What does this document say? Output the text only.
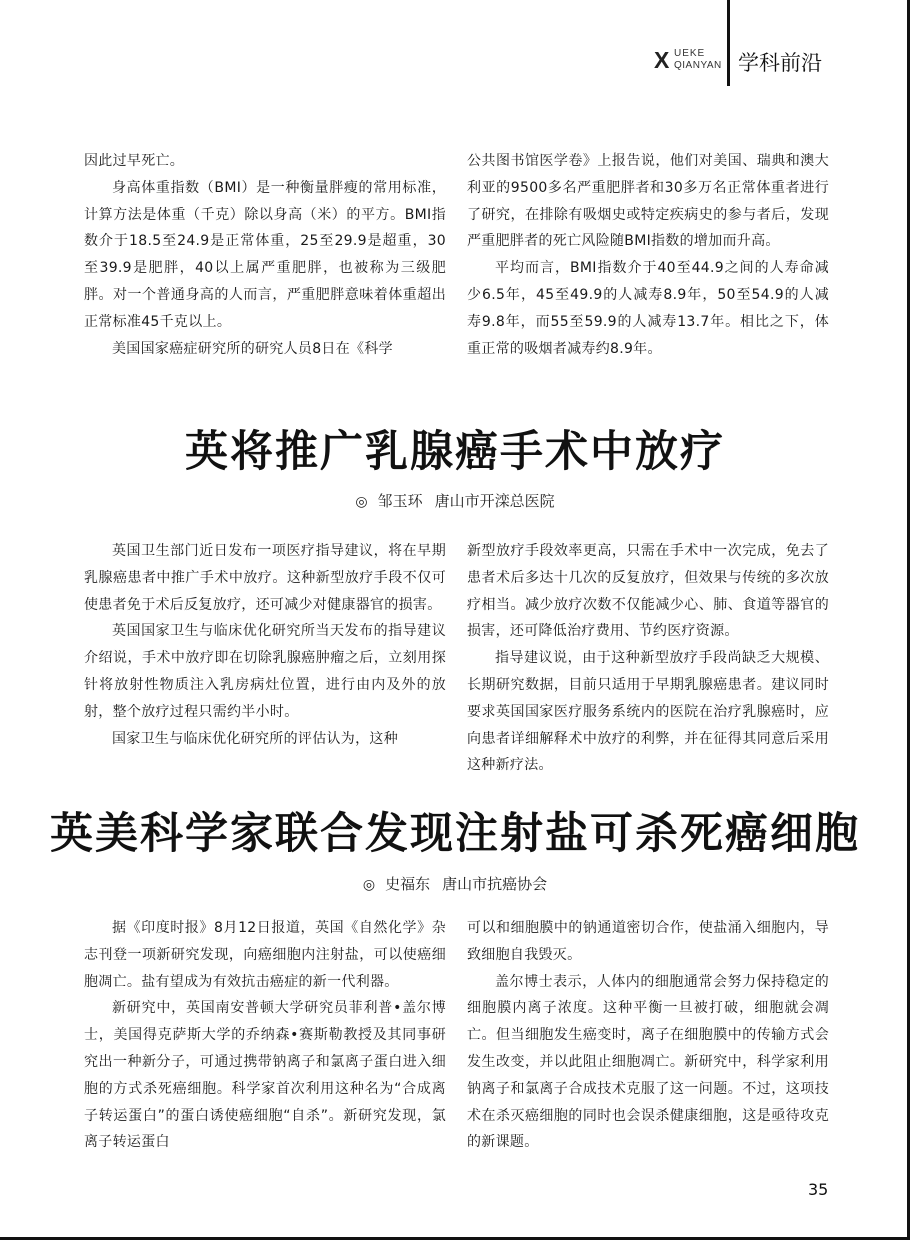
X UEKE
QIANYAN 学科前沿

因此过早死亡。

身高体重指数（BMI）是一种衡量胖瘦的常用标准，计算方法是体重（千克）除以身高（米）的平方。BMI指数介于18.5至24.9是正常体重，25至29.9是超重，30至39.9是肥胖，40以上属严重肥胖，也被称为三级肥胖。对一个普通身高的人而言，严重肥胖意味着体重超出正常标准45千克以上。

美国国家癌症研究所的研究人员8日在《科学

公共图书馆医学卷》上报告说，他们对美国、瑞典和澳大利亚的9500多名严重肥胖者和30多万名正常体重者进行了研究，在排除有吸烟史或特定疾病史的参与者后，发现严重肥胖者的死亡风险随BMI指数的增加而升高。

平均而言，BMI指数介于40至44.9之间的人寿命减少6.5年，45至49.9的人减寿8.9年，50至54.9的人减寿9.8年，而55至59.9的人减寿13.7年。相比之下，体重正常的吸烟者减寿约8.9年。

英将推广乳腺癌手术中放疗
◎ 邹玉环 唐山市开滦总医院

英国卫生部门近日发布一项医疗指导建议，将在早期乳腺癌患者中推广手术中放疗。这种新型放疗手段不仅可使患者免于术后反复放疗，还可减少对健康器官的损害。

英国国家卫生与临床优化研究所当天发布的指导建议介绍说，手术中放疗即在切除乳腺癌肿瘤之后，立刻用探针将放射性物质注入乳房病灶位置，进行由内及外的放射，整个放疗过程只需约半小时。

国家卫生与临床优化研究所的评估认为，这种

新型放疗手段效率更高，只需在手术中一次完成，免去了患者术后多达十几次的反复放疗，但效果与传统的多次放疗相当。减少放疗次数不仅能减少心、肺、食道等器官的损害，还可降低治疗费用、节约医疗资源。

指导建议说，由于这种新型放疗手段尚缺乏大规模、长期研究数据，目前只适用于早期乳腺癌患者。建议同时要求英国国家医疗服务系统内的医院在治疗乳腺癌时，应向患者详细解释术中放疗的利弊，并在征得其同意后采用这种新疗法。

英美科学家联合发现注射盐可杀死癌细胞
◎ 史福东 唐山市抗癌协会

据《印度时报》8月12日报道，英国《自然化学》杂志刊登一项新研究发现，向癌细胞内注射盐，可以使癌细胞凋亡。盐有望成为有效抗击癌症的新一代利器。

新研究中，英国南安普顿大学研究员菲利普•盖尔博士，美国得克萨斯大学的乔纳森•赛斯勒教授及其同事研究出一种新分子，可通过携带钠离子和氯离子蛋白进入细胞的方式杀死癌细胞。科学家首次利用这种名为“合成离子转运蛋白”的蛋白诱使癌细胞“自杀”。新研究发现，氯离子转运蛋白

可以和细胞膜中的钠通道密切合作，使盐涌入细胞内，导致细胞自我毁灭。

盖尔博士表示，人体内的细胞通常会努力保持稳定的细胞膜内离子浓度。这种平衡一旦被打破，细胞就会凋亡。但当细胞发生癌变时，离子在细胞膜中的传输方式会发生改变，并以此阻止细胞凋亡。新研究中，科学家利用钠离子和氯离子合成技术克服了这一问题。不过，这项技术在杀灭癌细胞的同时也会误杀健康细胞，这是亟待攻克的新课题。

35
